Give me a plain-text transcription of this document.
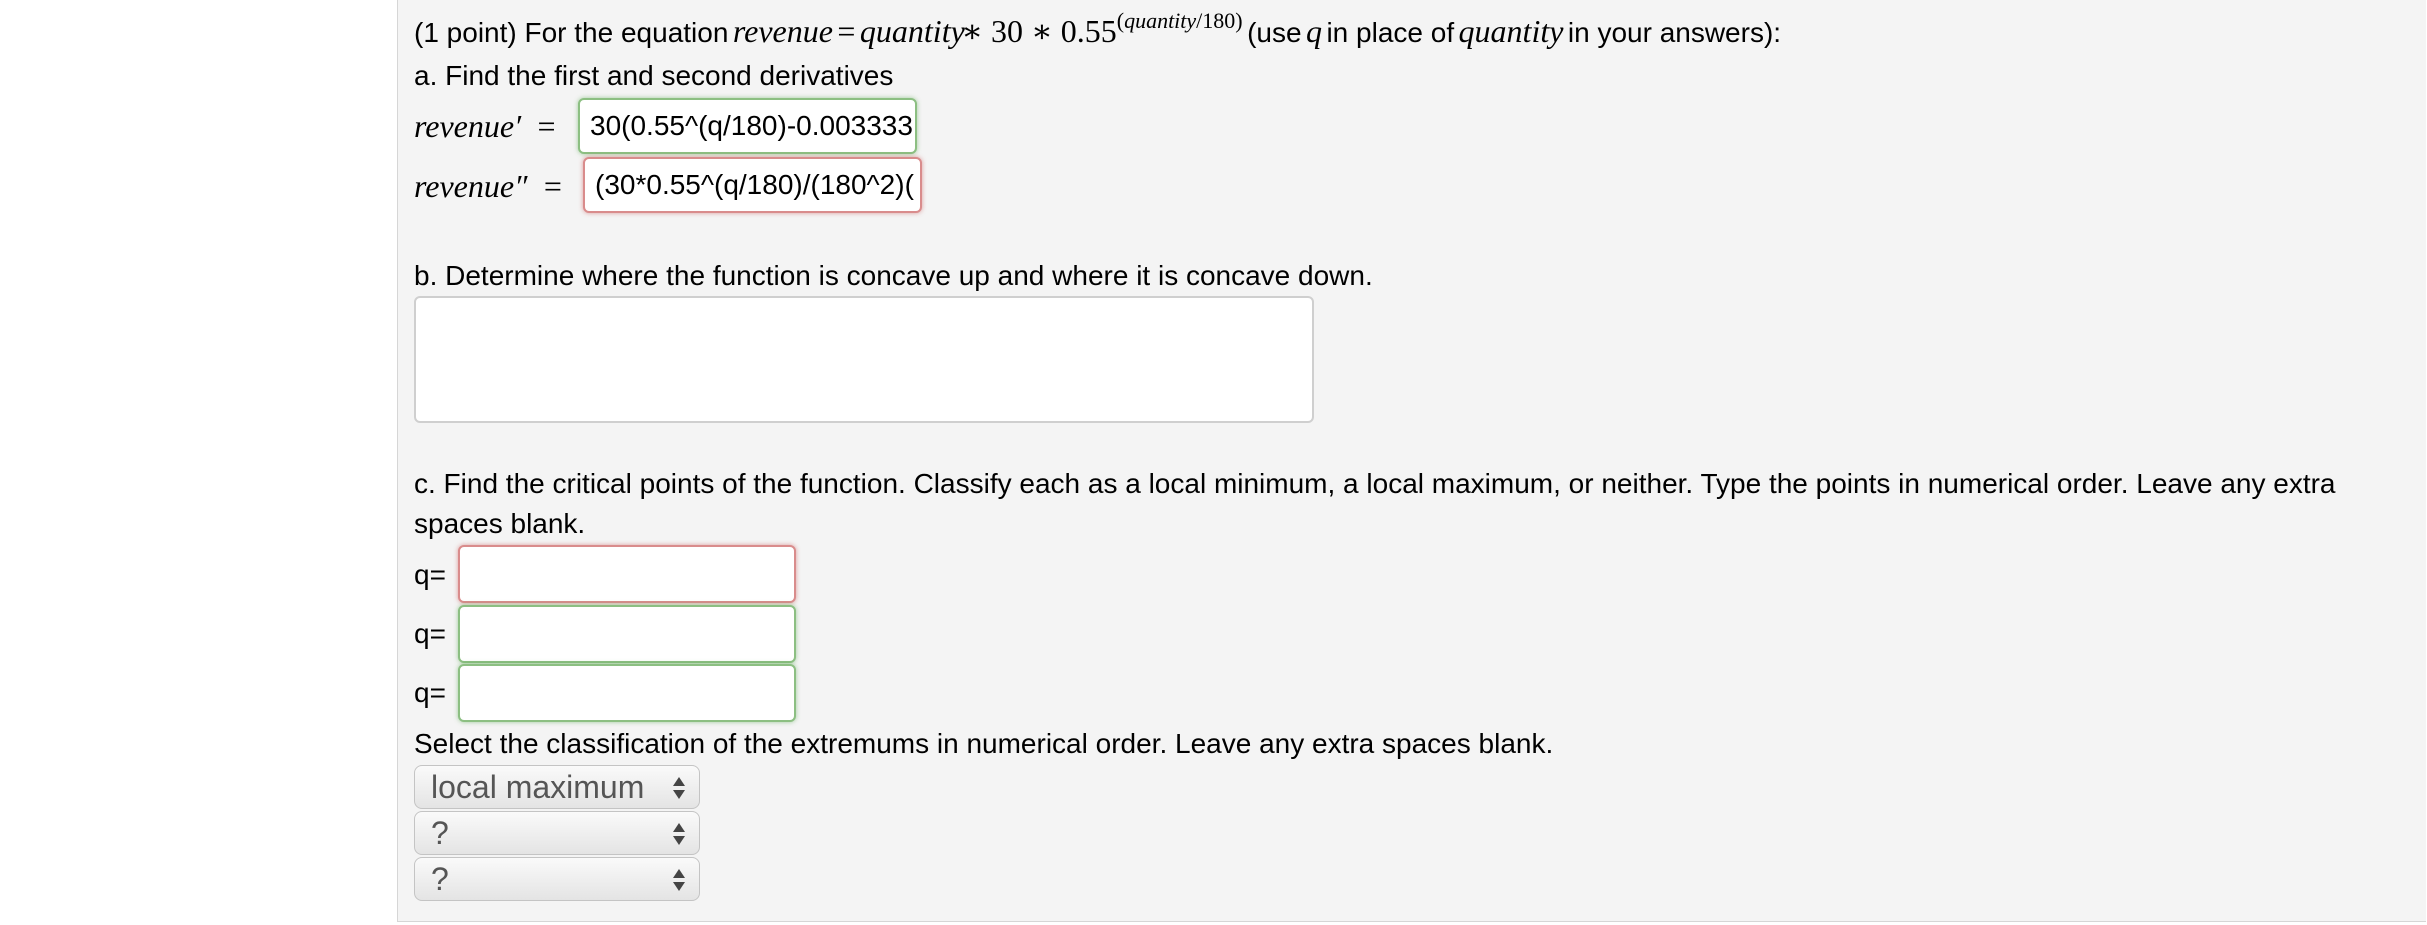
(1 point) For the equation revenue = quantity ∗ 30 ∗ 0.55(quantity/180) (use q in place of quantity in your answers):
a. Find the first and second derivatives
revenue′ =	30(0.55^(q/180)-0.003333
revenue″ =	(30*0.55^(q/180)/(180^2)(
b. Determine where the function is concave up and where it is concave down.
c. Find the critical points of the function. Classify each as a local minimum, a local maximum, or neither. Type the points in numerical order. Leave any extra
spaces blank.
q=
q=
q=
Select the classification of the extremums in numerical order. Leave any extra spaces blank.
local maximum
?
?
